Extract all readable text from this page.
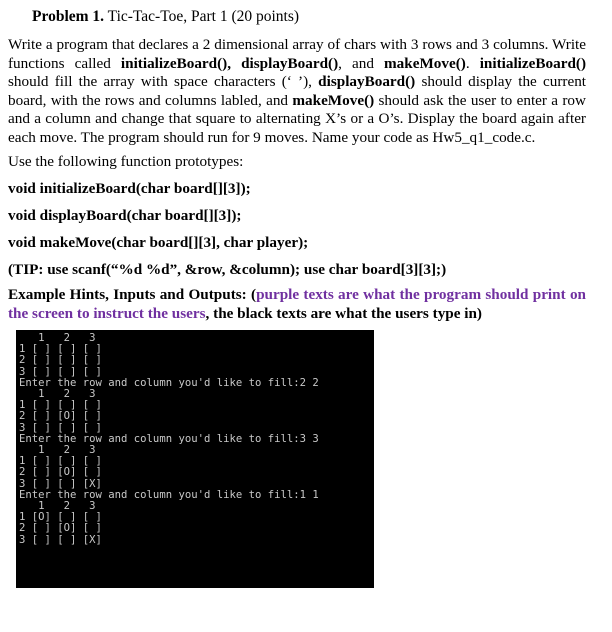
Problem 1. Tic-Tac-Toe, Part 1 (20 points)
Write a program that declares a 2 dimensional array of chars with 3 rows and 3 columns. Write functions called initializeBoard(), displayBoard(), and makeMove(). initializeBoard() should fill the array with space characters (‘ ’), displayBoard() should display the current board, with the rows and columns labled, and makeMove() should ask the user to enter a row and a column and change that square to alternating X’s or a O’s. Display the board again after each move. The program should run for 9 moves. Name your code as Hw5_q1_code.c.
Use the following function prototypes:
void initializeBoard(char board[][3]);
void displayBoard(char board[][3]);
void makeMove(char board[][3], char player);
(TIP: use scanf(“%d %d”, &row, &column); use char board[3][3];)
Example Hints, Inputs and Outputs: (purple texts are what the program should print on the screen to instruct the users, the black texts are what the users type in)
1   2   3
1 [ ] [ ] [ ]
2 [ ] [ ] [ ]
3 [ ] [ ] [ ]
Enter the row and column you'd like to fill:2 2
1   2   3
1 [ ] [ ] [ ]
2 [ ] [O] [ ]
3 [ ] [ ] [ ]
Enter the row and column you'd like to fill:3 3
1   2   3
1 [ ] [ ] [ ]
2 [ ] [O] [ ]
3 [ ] [ ] [X]
Enter the row and column you'd like to fill:1 1
1   2   3
1 [O] [ ] [ ]
2 [ ] [O] [ ]
3 [ ] [ ] [X]
